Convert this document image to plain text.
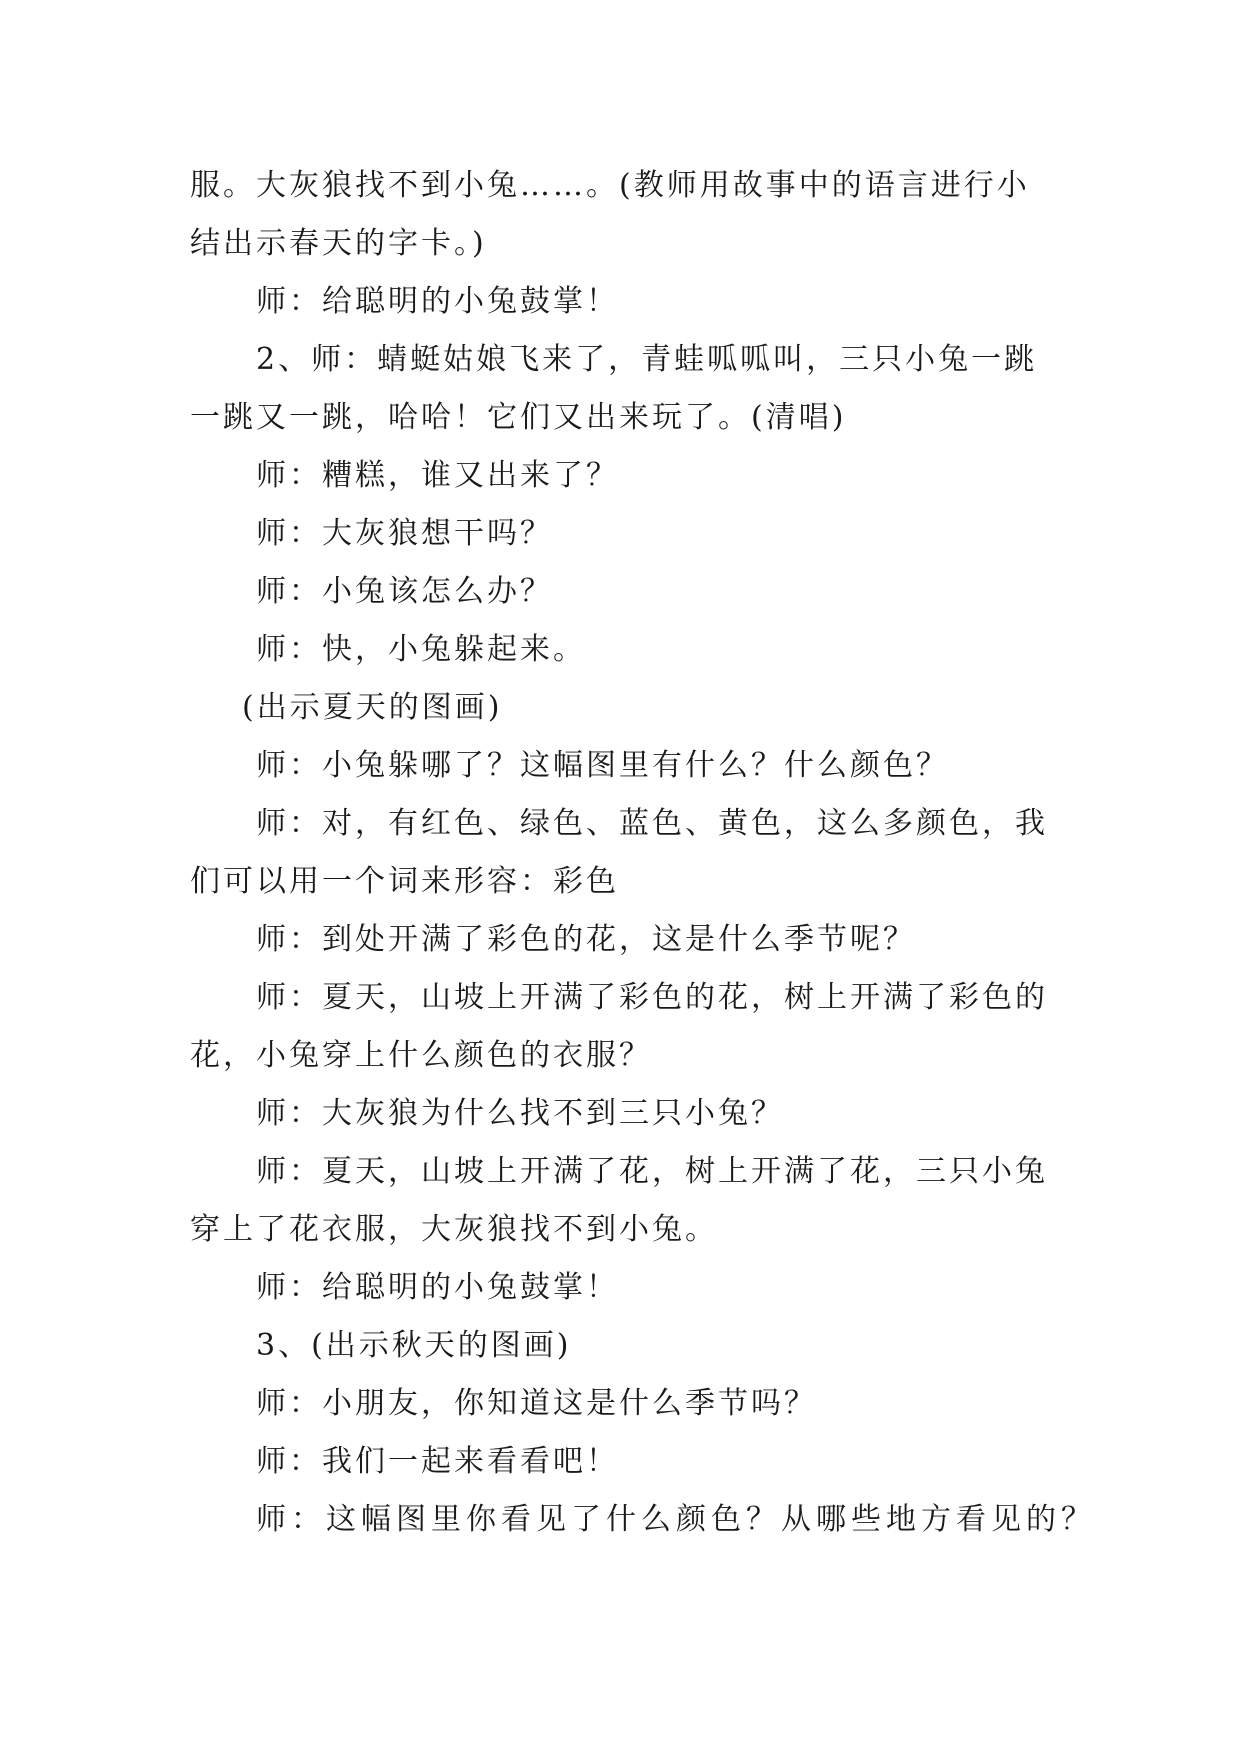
服。大灰狼找不到小兔……。(教师用故事中的语言进行小结出示春天的字卡。)

师：给聪明的小兔鼓掌！

2、师：蜻蜓姑娘飞来了，青蛙呱呱叫，三只小兔一跳一跳又一跳，哈哈！它们又出来玩了。(清唱)

师：糟糕，谁又出来了？

师：大灰狼想干吗？

师：小兔该怎么办？

师：快，小兔躲起来。

(出示夏天的图画)

师：小兔躲哪了？这幅图里有什么？什么颜色？

师：对，有红色、绿色、蓝色、黄色，这么多颜色，我们可以用一个词来形容：彩色

师：到处开满了彩色的花，这是什么季节呢？

师：夏天，山坡上开满了彩色的花，树上开满了彩色的花，小兔穿上什么颜色的衣服？

师：大灰狼为什么找不到三只小兔？

师：夏天，山坡上开满了花，树上开满了花，三只小兔穿上了花衣服，大灰狼找不到小兔。

师：给聪明的小兔鼓掌！

3、(出示秋天的图画)

师：小朋友，你知道这是什么季节吗？

师：我们一起来看看吧！

师：这幅图里你看见了什么颜色？从哪些地方看见的？
